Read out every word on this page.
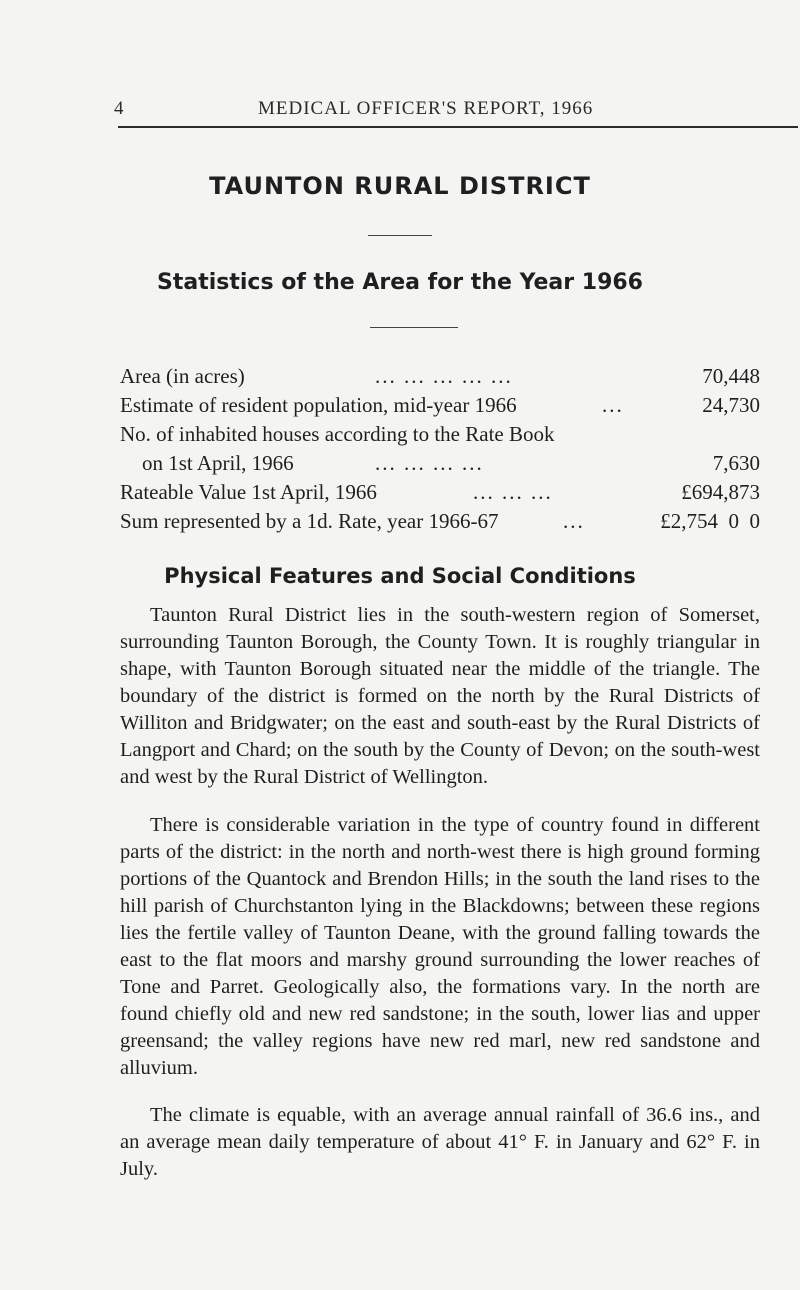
4	MEDICAL OFFICER'S REPORT, 1966
TAUNTON RURAL DISTRICT
Statistics of the Area for the Year 1966
Area (in acres)	... ... ... ... ...	70,448
Estimate of resident population, mid-year 1966	...	24,730
No. of inhabited houses according to the Rate Book
on 1st April, 1966	... ... ... ...	7,630
Rateable Value 1st April, 1966	... ... ...	£694,873
Sum represented by a 1d. Rate, year 1966-67	...	£2,754  0  0
Physical Features and Social Conditions

Taunton Rural District lies in the south-western region of Somerset, surrounding Taunton Borough, the County Town. It is roughly triangular in shape, with Taunton Borough situated near the middle of the triangle. The boundary of the district is formed on the north by the Rural Districts of Williton and Bridgwater; on the east and south-east by the Rural Districts of Langport and Chard; on the south by the County of Devon; on the south-west and west by the Rural District of Wellington.

There is considerable variation in the type of country found in different parts of the district: in the north and north-west there is high ground forming portions of the Quantock and Brendon Hills; in the south the land rises to the hill parish of Churchstanton lying in the Blackdowns; between these regions lies the fertile valley of Taunton Deane, with the ground falling towards the east to the flat moors and marshy ground surrounding the lower reaches of Tone and Parret. Geologically also, the formations vary. In the north are found chiefly old and new red sandstone; in the south, lower lias and upper greensand; the valley regions have new red marl, new red sandstone and alluvium.

The climate is equable, with an average annual rainfall of 36.6 ins., and an average mean daily temperature of about 41° F. in January and 62° F. in July.
